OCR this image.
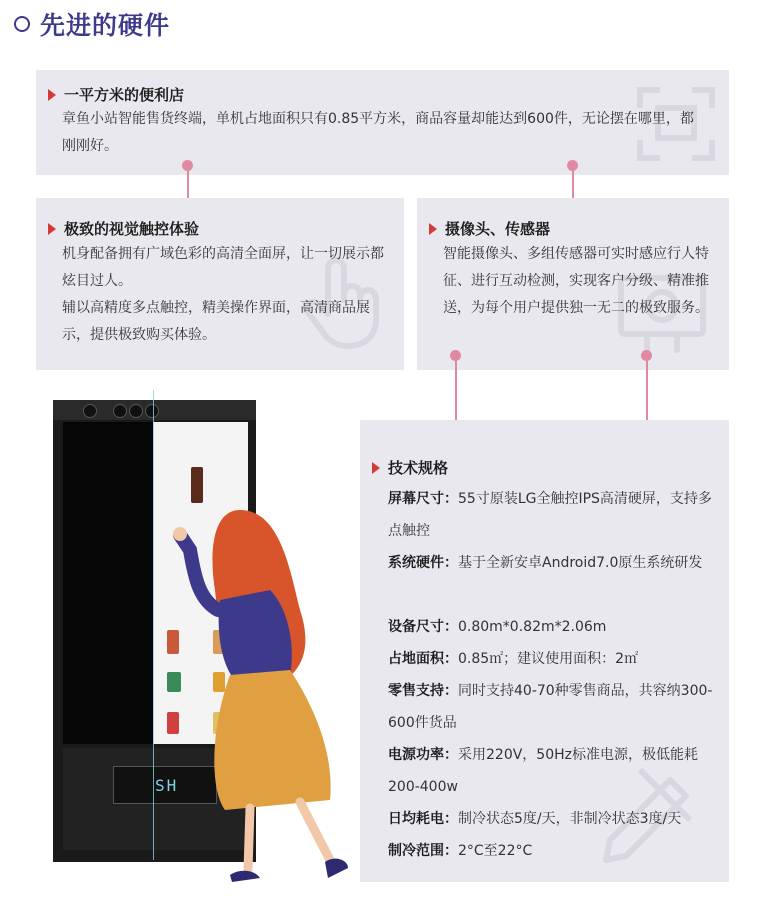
先进的硬件
一平方米的便利店
章鱼小站智能售货终端，单机占地面积只有0.85平方米，商品容量却能达到600件，无论摆在哪里，都刚刚好。
极致的视觉触控体验
机身配备拥有广域色彩的高清全面屏，让一切展示都炫目过人。
辅以高精度多点触控，精美操作界面，高清商品展示，提供极致购买体验。
摄像头、传感器
智能摄像头、多组传感器可实时感应行人特征、进行互动检测，实现客户分级、精准推送，为每个用户提供独一无二的极致服务。
技术规格
屏幕尺寸：55寸原装LG全触控IPS高清硬屏，支持多点触控
系统硬件：基于全新安卓Android7.0原生系统研发
设备尺寸：0.80m*0.82m*2.06m
占地面积：0.85㎡；建议使用面积：2㎡
零售支持：同时支持40-70种零售商品，共容纳300-600件货品
电源功率：采用220V，50Hz标准电源，极低能耗200-400w
日均耗电：制冷状态5度/天，非制冷状态3度/天
制冷范围：2°C至22°C
SH
